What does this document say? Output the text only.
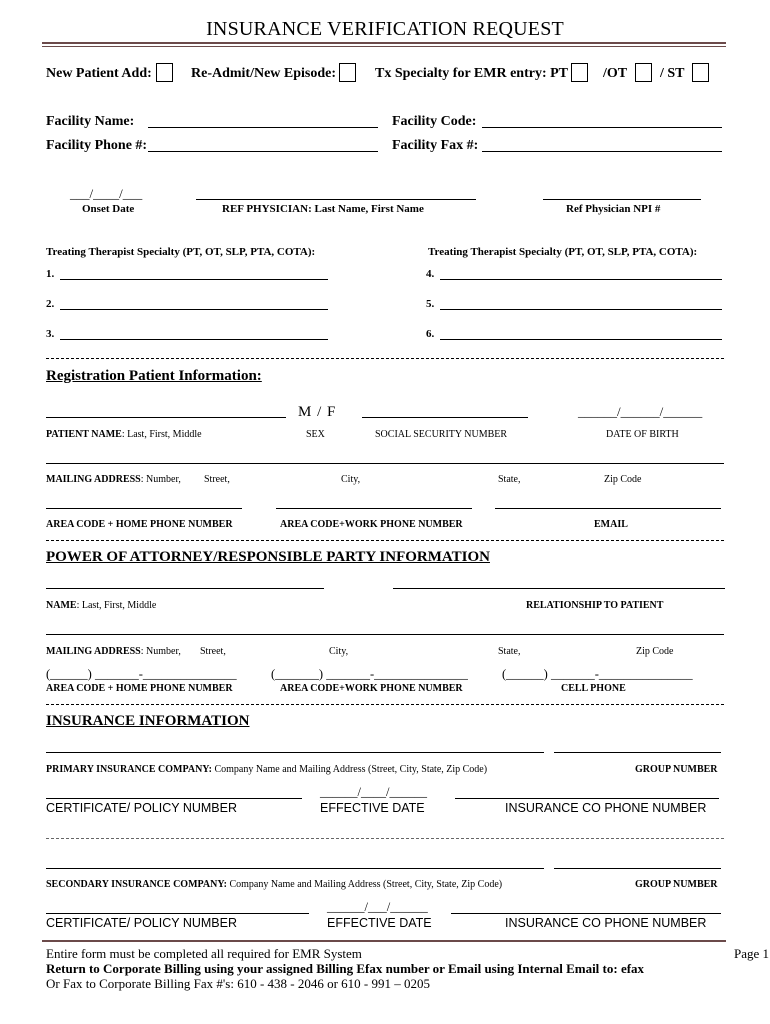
INSURANCE VERIFICATION REQUEST
New Patient Add:	Re-Admit/New Episode:	Tx Specialty for EMR entry: PT	/OT / ST
Facility Name:	Facility Code:
Facility Phone #:	Facility Fax #:
___/____/___
Onset Date	REF PHYSICIAN: Last Name, First Name	Ref Physician NPI #
Treating Therapist Specialty (PT, OT, SLP, PTA, COTA):	Treating Therapist Specialty (PT, OT, SLP, PTA, COTA):
1.
2.
3.
4.
5.
6.
Registration Patient Information:
M / F	______/______/______
PATIENT NAME: Last, First, Middle	SEX	SOCIAL SECURITY NUMBER	DATE OF BIRTH
MAILING ADDRESS: Number, Street,	City,	State,	Zip Code
AREA CODE + HOME PHONE NUMBER	AREA CODE+WORK PHONE NUMBER	EMAIL
POWER OF ATTORNEY/RESPONSIBLE PARTY INFORMATION
NAME: Last, First, Middle	RELATIONSHIP TO PATIENT
MAILING ADDRESS: Number, Street,	City,	State,	Zip Code
(______) _______-_______________	(_______) _______-_______________	(______) _______-_______________
AREA CODE + HOME PHONE NUMBER	AREA CODE+WORK PHONE NUMBER	CELL PHONE
INSURANCE INFORMATION
PRIMARY INSURANCE COMPANY: Company Name and Mailing Address (Street, City, State, Zip Code)	GROUP NUMBER
______/____/______
CERTIFICATE/ POLICY NUMBER	EFFECTIVE DATE	INSURANCE CO PHONE NUMBER
SECONDARY INSURANCE COMPANY: Company Name and Mailing Address (Street, City, State, Zip Code)	GROUP NUMBER
______/___/______
CERTIFICATE/ POLICY NUMBER	EFFECTIVE DATE	INSURANCE CO PHONE NUMBER
Entire form must be completed all required for EMR System
Return to Corporate Billing using your assigned Billing Efax number or Email using Internal Email to: efax
Or Fax to Corporate Billing Fax #'s: 610 - 438 - 2046 or 610 - 991 – 0205
Page 1
